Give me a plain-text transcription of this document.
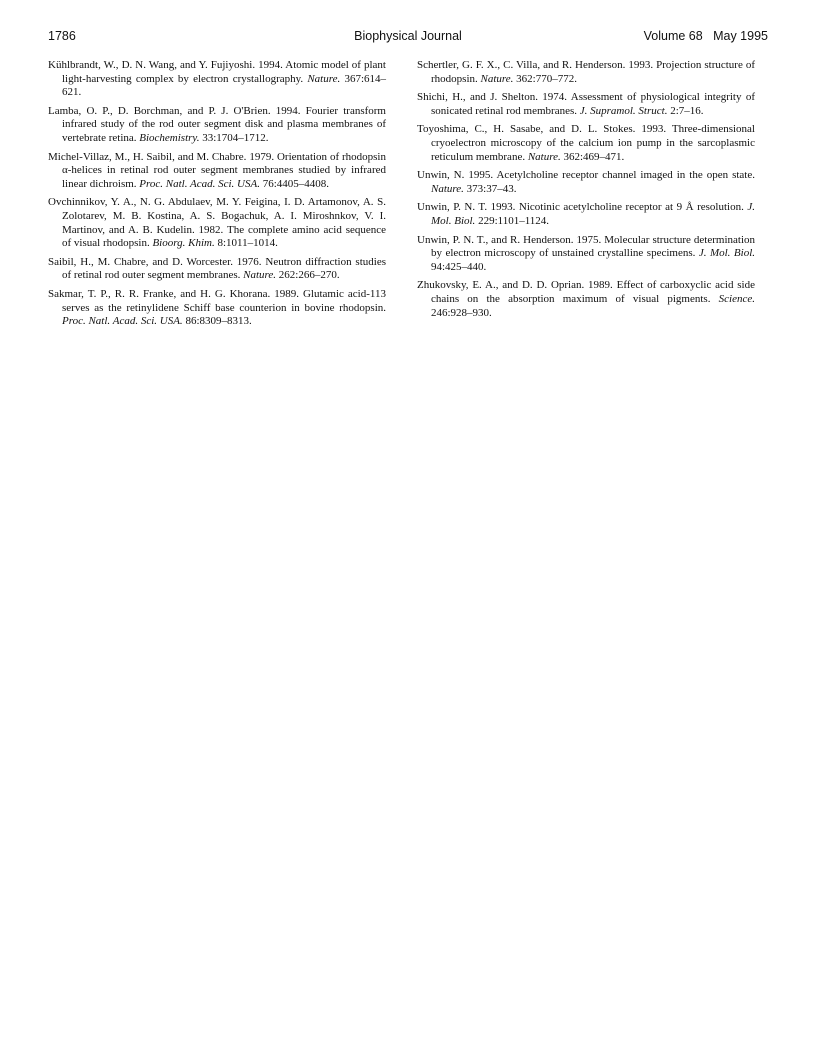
1786	Biophysical Journal	Volume 68   May 1995

Kühlbrandt, W., D. N. Wang, and Y. Fujiyoshi. 1994. Atomic model of plant light-harvesting complex by electron crystallography. Nature. 367:614–621.

Lamba, O. P., D. Borchman, and P. J. O'Brien. 1994. Fourier transform infrared study of the rod outer segment disk and plasma membranes of vertebrate retina. Biochemistry. 33:1704–1712.

Michel-Villaz, M., H. Saibil, and M. Chabre. 1979. Orientation of rhodopsin α-helices in retinal rod outer segment membranes studied by infrared linear dichroism. Proc. Natl. Acad. Sci. USA. 76:4405–4408.

Ovchinnikov, Y. A., N. G. Abdulaev, M. Y. Feigina, I. D. Artamonov, A. S. Zolotarev, M. B. Kostina, A. S. Bogachuk, A. I. Miroshnkov, V. I. Martinov, and A. B. Kudelin. 1982. The complete amino acid sequence of visual rhodopsin. Bioorg. Khim. 8:1011–1014.

Saibil, H., M. Chabre, and D. Worcester. 1976. Neutron diffraction studies of retinal rod outer segment membranes. Nature. 262:266–270.

Sakmar, T. P., R. R. Franke, and H. G. Khorana. 1989. Glutamic acid-113 serves as the retinylidene Schiff base counterion in bovine rhodopsin. Proc. Natl. Acad. Sci. USA. 86:8309–8313.

Schertler, G. F. X., C. Villa, and R. Henderson. 1993. Projection structure of rhodopsin. Nature. 362:770–772.

Shichi, H., and J. Shelton. 1974. Assessment of physiological integrity of sonicated retinal rod membranes. J. Supramol. Struct. 2:7–16.

Toyoshima, C., H. Sasabe, and D. L. Stokes. 1993. Three-dimensional cryoelectron microscopy of the calcium ion pump in the sarcoplasmic reticulum membrane. Nature. 362:469–471.

Unwin, N. 1995. Acetylcholine receptor channel imaged in the open state. Nature. 373:37–43.

Unwin, P. N. T. 1993. Nicotinic acetylcholine receptor at 9 Å resolution. J. Mol. Biol. 229:1101–1124.

Unwin, P. N. T., and R. Henderson. 1975. Molecular structure determination by electron microscopy of unstained crystalline specimens. J. Mol. Biol. 94:425–440.

Zhukovsky, E. A., and D. D. Oprian. 1989. Effect of carboxyclic acid side chains on the absorption maximum of visual pigments. Science. 246:928–930.
